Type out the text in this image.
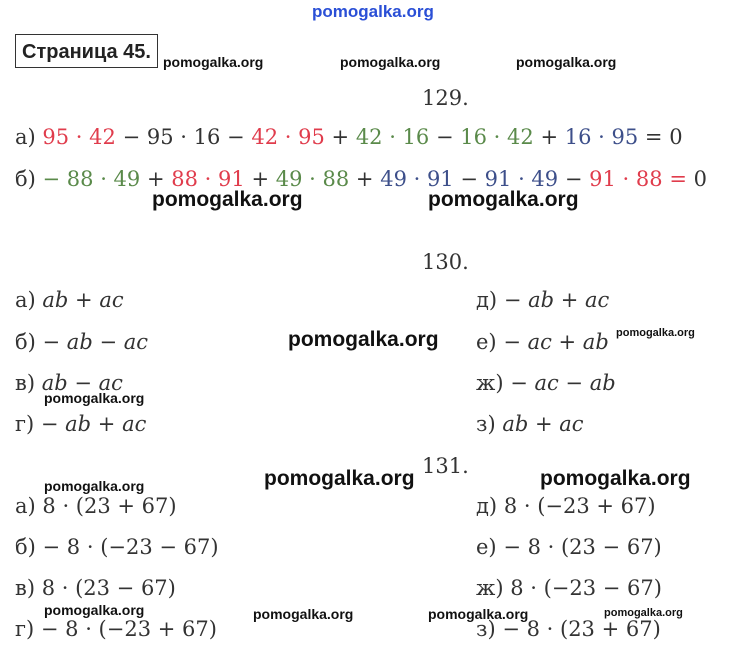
pomogalka.org
Страница 45. pomogalka.org	pomogalka.org	pomogalka.org
129.
а) 95 · 42 − 95 · 16 − 42 · 95 + 42 · 16 − 16 · 42 + 16 · 95 = 0
б) − 88 · 49 + 88 · 91 + 49 · 88 + 49 · 91 − 91 · 49 − 91 · 88 = 0
pomogalka.org	pomogalka.org
130.
а) ab + ac
б) − ab − ac
в) ab − ac
г) − ab + ac
д) − ab + ac
е) − ac + ab
ж) − ac − ab
з) ab + ac
pomogalka.org	pomogalka.org
pomogalka.org
131.
pomogalka.org	pomogalka.org	pomogalka.org
а) 8 · (23 + 67)
б) − 8 · (−23 − 67)
в) 8 · (23 − 67)
г) − 8 · (−23 + 67)
д) 8 · (−23 + 67)
е) − 8 · (23 − 67)
ж) 8 · (−23 − 67)
з) − 8 · (23 + 67)
pomogalka.org	pomogalka.org	pomogalka.org	pomogalka.org
